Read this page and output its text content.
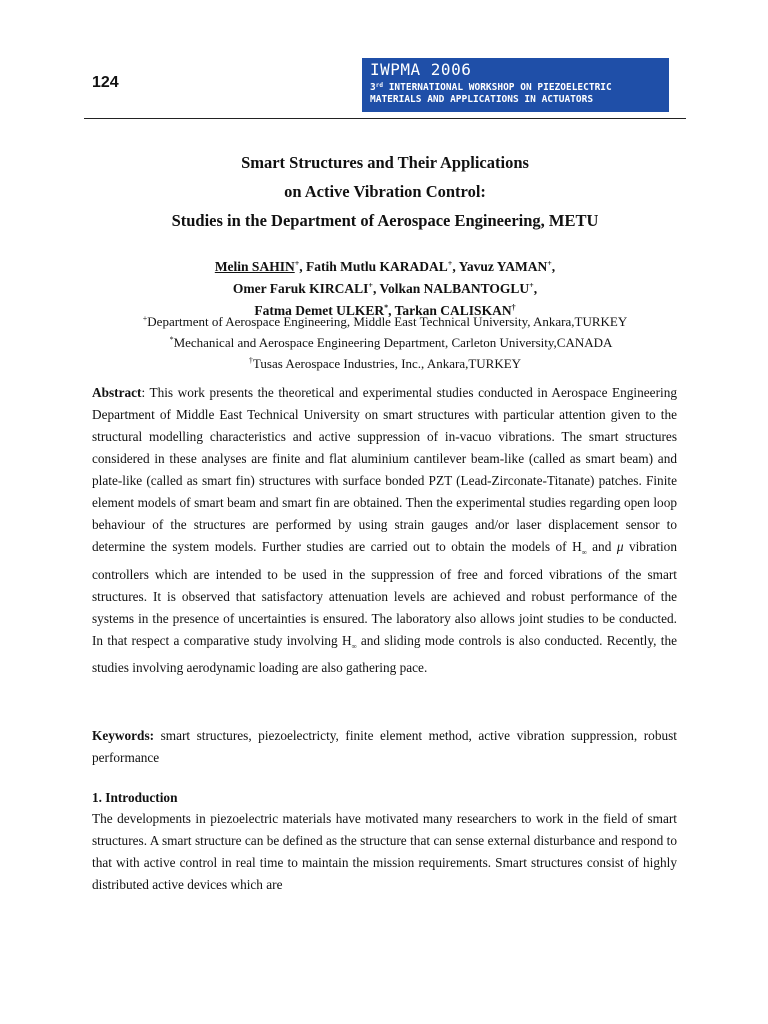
124
IWPMA 2006
3rd INTERNATIONAL WORKSHOP ON PIEZOELECTRIC
MATERIALS AND APPLICATIONS IN ACTUATORS
Smart Structures and Their Applications
on Active Vibration Control:
Studies in the Department of Aerospace Engineering, METU
Melin SAHIN+, Fatih Mutlu KARADAL+, Yavuz YAMAN+,
Omer Faruk KIRCALI+, Volkan NALBANTOGLU+,
Fatma Demet ULKER*, Tarkan CALISKAN†
+Department of Aerospace Engineering, Middle East Technical University, Ankara,TURKEY
*Mechanical and Aerospace Engineering Department, Carleton University,CANADA
†Tusas Aerospace Industries, Inc., Ankara,TURKEY
Abstract: This work presents the theoretical and experimental studies conducted in Aerospace Engineering Department of Middle East Technical University on smart structures with particular attention given to the structural modelling characteristics and active suppression of in-vacuo vibrations. The smart structures considered in these analyses are finite and flat aluminium cantilever beam-like (called as smart beam) and plate-like (called as smart fin) structures with surface bonded PZT (Lead-Zirconate-Titanate) patches. Finite element models of smart beam and smart fin are obtained. Then the experimental studies regarding open loop behaviour of the structures are performed by using strain gauges and/or laser displacement sensor to determine the system models. Further studies are carried out to obtain the models of $H_\infty$ and μ vibration controllers which are intended to be used in the suppression of free and forced vibrations of the smart structures. It is observed that satisfactory attenuation levels are achieved and robust performance of the systems in the presence of uncertainties is ensured. The laboratory also allows joint studies to be conducted. In that respect a comparative study involving $H_\infty$ and sliding mode controls is also conducted. Recently, the studies involving aerodynamic loading are also gathering pace.
Keywords: smart structures, piezoelectricty, finite element method, active vibration suppression, robust performance
1. Introduction
The developments in piezoelectric materials have motivated many researchers to work in the field of smart structures. A smart structure can be defined as the structure that can sense external disturbance and respond to that with active control in real time to maintain the mission requirements. Smart structures consist of highly distributed active devices which are
